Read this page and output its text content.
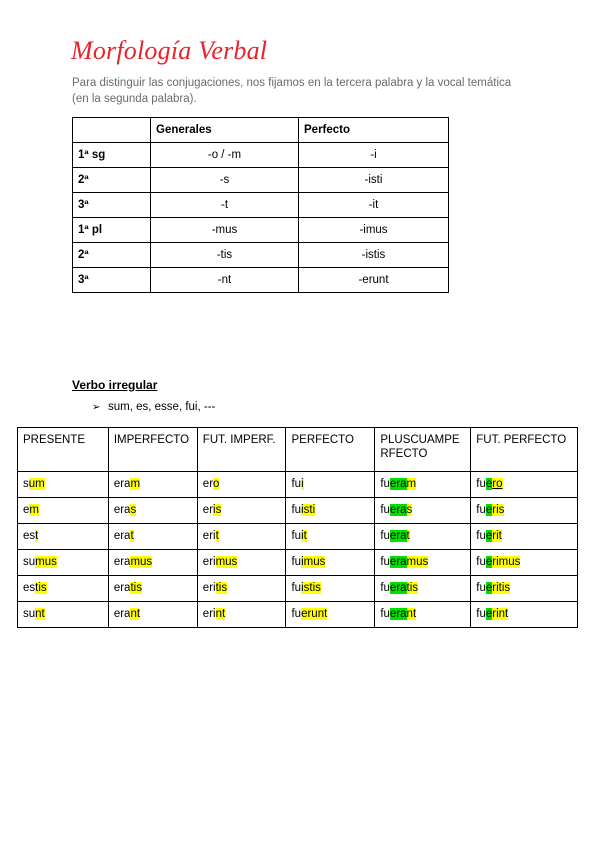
Morfología Verbal

Para distinguir las conjugaciones, nos fijamos en la tercera palabra y la vocal temática (en la segunda palabra).

	Generales	Perfecto
1ª sg	-o / -m	-i
2ª	-s	-isti
3ª	-t	-it
1ª pl	-mus	-imus
2ª	-tis	-istis
3ª	-nt	-erunt
Verbo irregular

➢ sum, es, esse, fui, ---

PRESENTE	IMPERFECTO	FUT. IMPERF.	PERFECTO	PLUSCUAMPE RFECTO	FUT. PERFECTO
sum	eram	ero	fui	fueram	fuero
em	eras	eris	fuisti	fueras	fueris
est	erat	erit	fuit	fuerat	fuerit
sumus	eramus	erimus	fuimus	fueramus	fuerimus
estis	eratis	eritis	fuistis	fueratis	fueritis
sunt	erant	erint	fuerunt	fuerant	fuerint
